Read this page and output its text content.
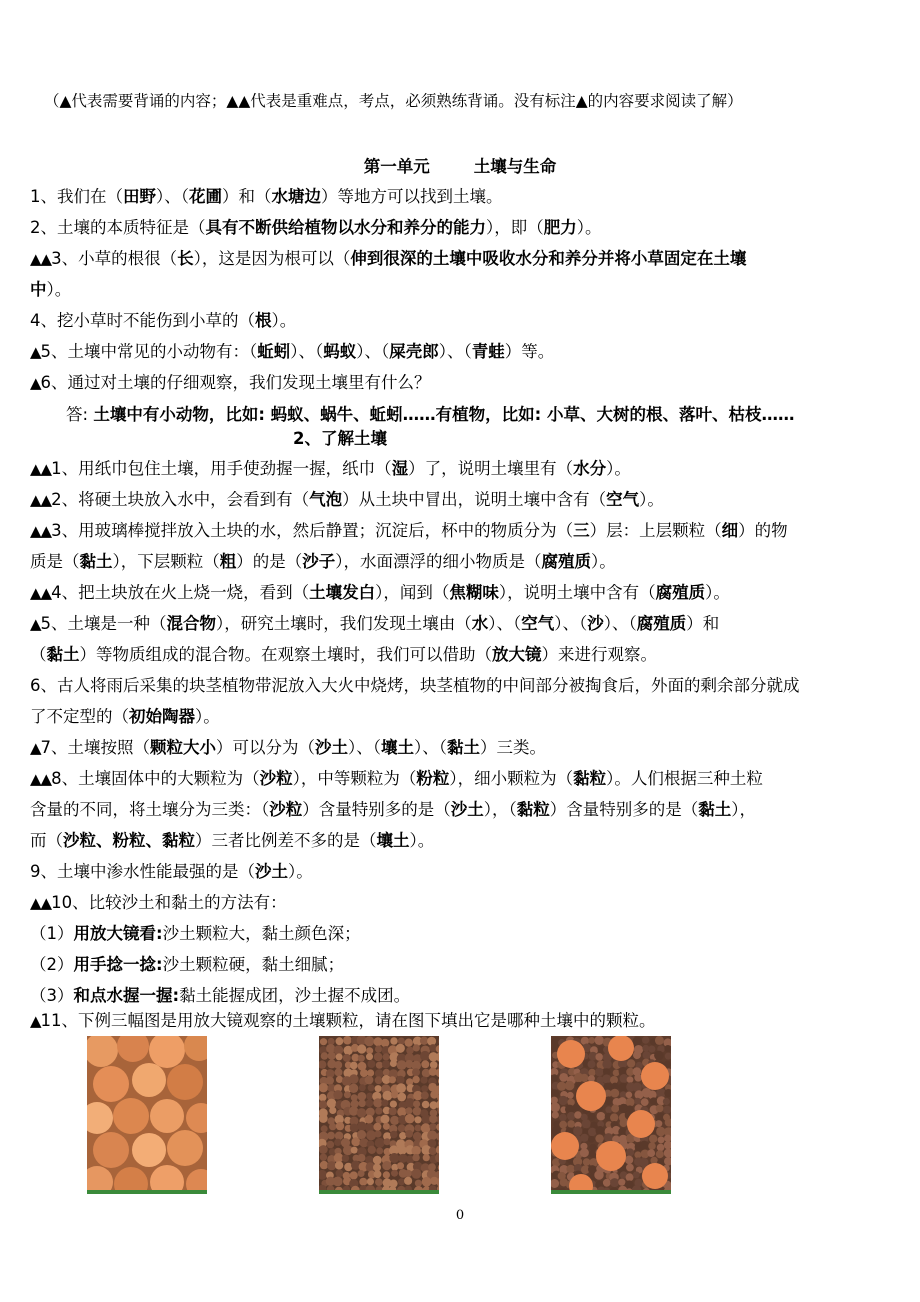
（▲代表需要背诵的内容；▲▲代表是重难点，考点，必须熟练背诵。没有标注▲的内容要求阅读了解）
第一单元	土壤与生命
1、我们在（田野）、（花圃）和（水塘边）等地方可以找到土壤。
2、土壤的本质特征是（具有不断供给植物以水分和养分的能力），即（肥力）。
▲▲3、小草的根很（长），这是因为根可以（伸到很深的土壤中吸收水分和养分并将小草固定在土壤
中）。
4、挖小草时不能伤到小草的（根）。
▲5、土壤中常见的小动物有：（蚯蚓）、（蚂蚁）、（屎壳郎）、（青蛙）等。
▲6、通过对土壤的仔细观察，我们发现土壤里有什么？
答: 土壤中有小动物，比如: 蚂蚁、蜗牛、蚯蚓……有植物，比如: 小草、大树的根、落叶、枯枝……
2、了解土壤
▲▲1、用纸巾包住土壤，用手使劲握一握，纸巾（湿）了，说明土壤里有（水分）。
▲▲2、将硬土块放入水中，会看到有（气泡）从土块中冒出，说明土壤中含有（空气）。
▲▲3、用玻璃棒搅拌放入土块的水，然后静置；沉淀后，杯中的物质分为（三）层：上层颗粒（细）的物
质是（黏土），下层颗粒（粗）的是（沙子），水面漂浮的细小物质是（腐殖质）。
▲▲4、把土块放在火上烧一烧，看到（土壤发白），闻到（焦糊味），说明土壤中含有（腐殖质）。
▲5、土壤是一种（混合物），研究土壤时，我们发现土壤由（水）、（空气）、（沙）、（腐殖质）和
（黏土）等物质组成的混合物。在观察土壤时，我们可以借助（放大镜）来进行观察。
6、古人将雨后采集的块茎植物带泥放入大火中烧烤，块茎植物的中间部分被掏食后，外面的剩余部分就成
了不定型的（初始陶器）。
▲7、土壤按照（颗粒大小）可以分为（沙土）、（壤土）、（黏土）三类。
▲▲8、土壤固体中的大颗粒为（沙粒），中等颗粒为（粉粒），细小颗粒为（黏粒）。人们根据三种土粒
含量的不同，将土壤分为三类：（沙粒）含量特别多的是（沙土），（黏粒）含量特别多的是（黏土），
而（沙粒、粉粒、黏粒）三者比例差不多的是（壤土）。
9、土壤中渗水性能最强的是（沙土）。
▲▲10、比较沙土和黏土的方法有：
（1）用放大镜看:沙土颗粒大，黏土颜色深；
（2）用手捻一捻:沙土颗粒硬，黏土细腻；
（3）和点水握一握:黏土能握成团，沙土握不成团。
▲11、下例三幅图是用放大镜观察的土壤颗粒，请在图下填出它是哪种土壤中的颗粒。
0
